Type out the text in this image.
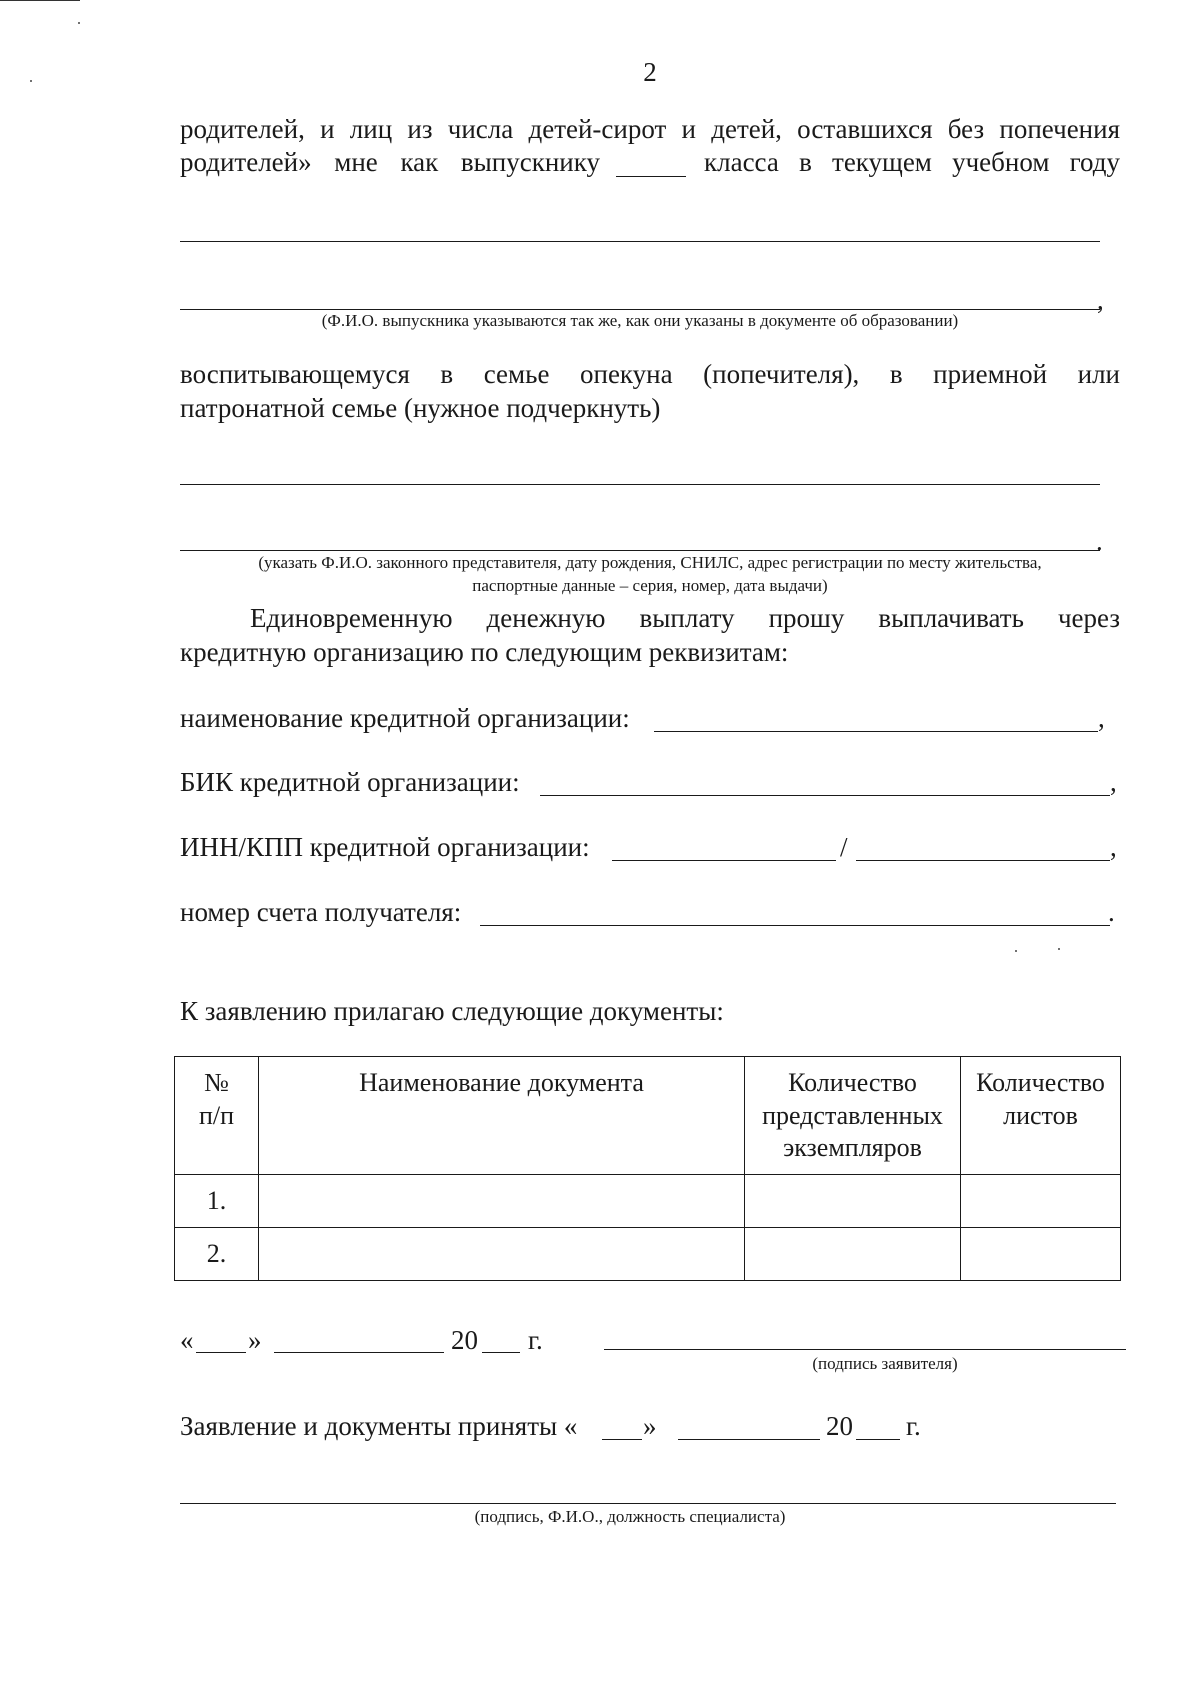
2
родителей, и лиц из числа детей-сирот и детей, оставшихся без попечения
родителей» мне как выпускнику	класса в текущем учебном году
,
(Ф.И.О. выпускника указываются так же, как они указаны в документе об образовании)
воспитывающемуся в семье опекуна (попечителя), в приемной или
патронатной семье (нужное подчеркнуть)
.
(указать Ф.И.О. законного представителя, дату рождения, СНИЛС, адрес регистрации по месту жительства,
паспортные данные – серия, номер, дата выдачи)
Единовременную денежную выплату прошу выплачивать через
кредитную организацию по следующим реквизитам:
наименование кредитной организации:	,
БИК кредитной организации:	,
ИНН/КПП кредитной организации:	/	,
номер счета получателя:	.
К заявлению прилагаю следующие документы:
№ п/п	Наименование документа	Количество представленных экземпляров	Количество листов
1.			
2.			
« »	20 г.
(подпись заявителя)
Заявление и документы приняты « »	20 г.
(подпись, Ф.И.О., должность специалиста)
